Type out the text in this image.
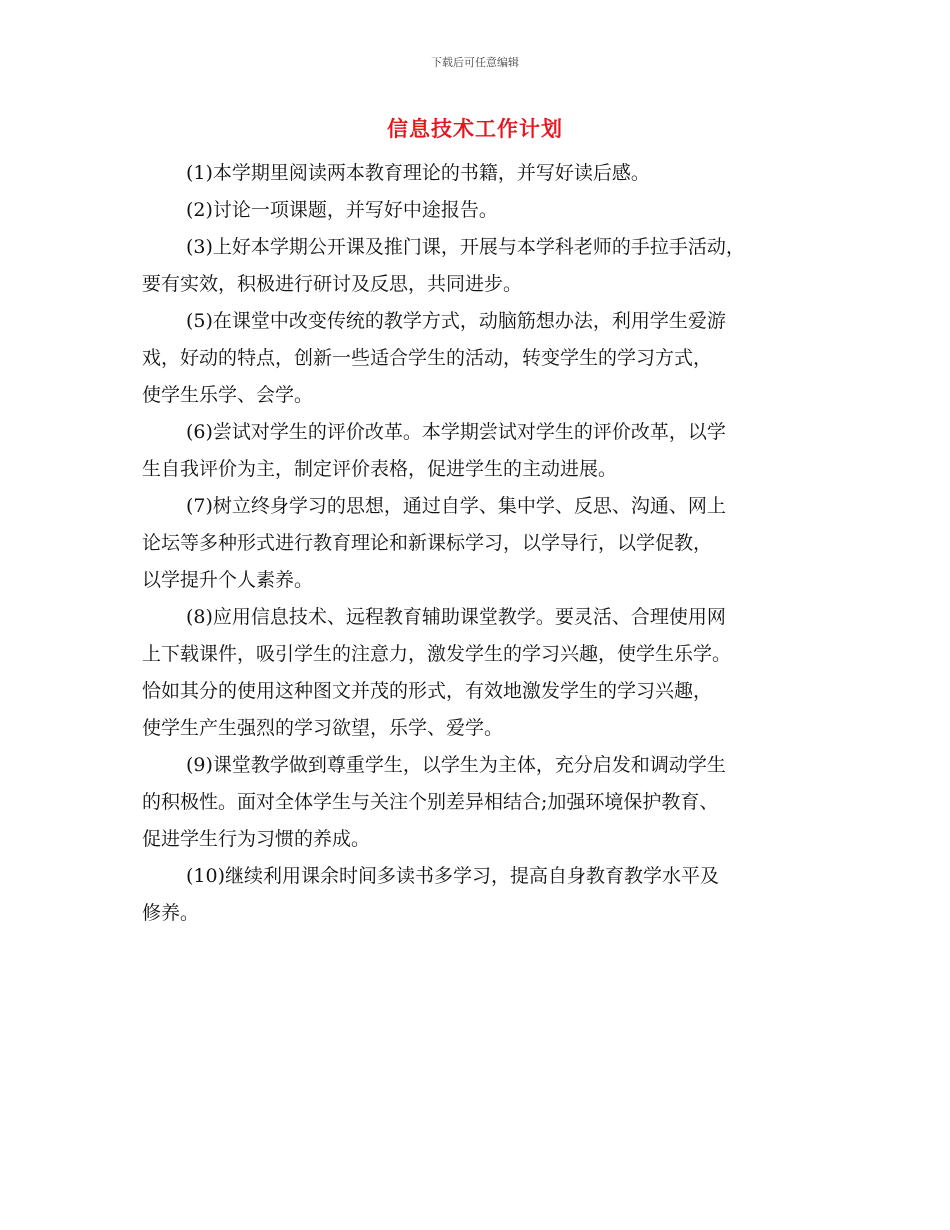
下载后可任意编辑
信息技术工作计划

(1)本学期里阅读两本教育理论的书籍，并写好读后感。

(2)讨论一项课题，并写好中途报告。

(3)上好本学期公开课及推门课，开展与本学科老师的手拉手活动，
要有实效，积极进行研讨及反思，共同进步。

(5)在课堂中改变传统的教学方式，动脑筋想办法，利用学生爱游
戏，好动的特点，创新一些适合学生的活动，转变学生的学习方式，
使学生乐学、会学。

(6)尝试对学生的评价改革。本学期尝试对学生的评价改革，以学
生自我评价为主，制定评价表格，促进学生的主动进展。

(7)树立终身学习的思想，通过自学、集中学、反思、沟通、网上
论坛等多种形式进行教育理论和新课标学习，以学导行，以学促教，
以学提升个人素养。

(8)应用信息技术、远程教育辅助课堂教学。要灵活、合理使用网
上下载课件，吸引学生的注意力，激发学生的学习兴趣，使学生乐学。
恰如其分的使用这种图文并茂的形式，有效地激发学生的学习兴趣，
使学生产生强烈的学习欲望，乐学、爱学。

(9)课堂教学做到尊重学生，以学生为主体，充分启发和调动学生
的积极性。面对全体学生与关注个别差异相结合;加强环境保护教育、
促进学生行为习惯的养成。

(10)继续利用课余时间多读书多学习，提高自身教育教学水平及
修养。
